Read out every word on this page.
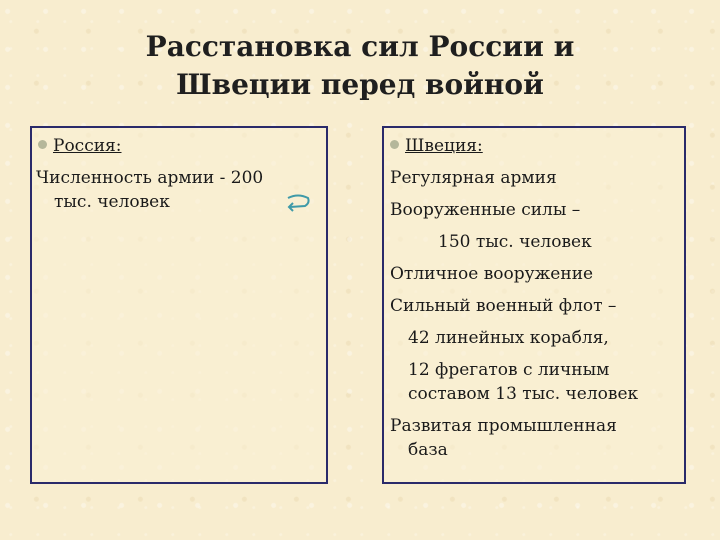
Расстановка сил России и
Швеции перед войной
Россия:
Численность армии - 200
тыс. человек
Швеция:
Регулярная армия
Вооруженные силы –
150 тыс. человек
Отличное вооружение
Сильный военный флот –
42 линейных корабля,
12 фрегатов с личным
составом 13 тыс. человек
Развитая промышленная
база
